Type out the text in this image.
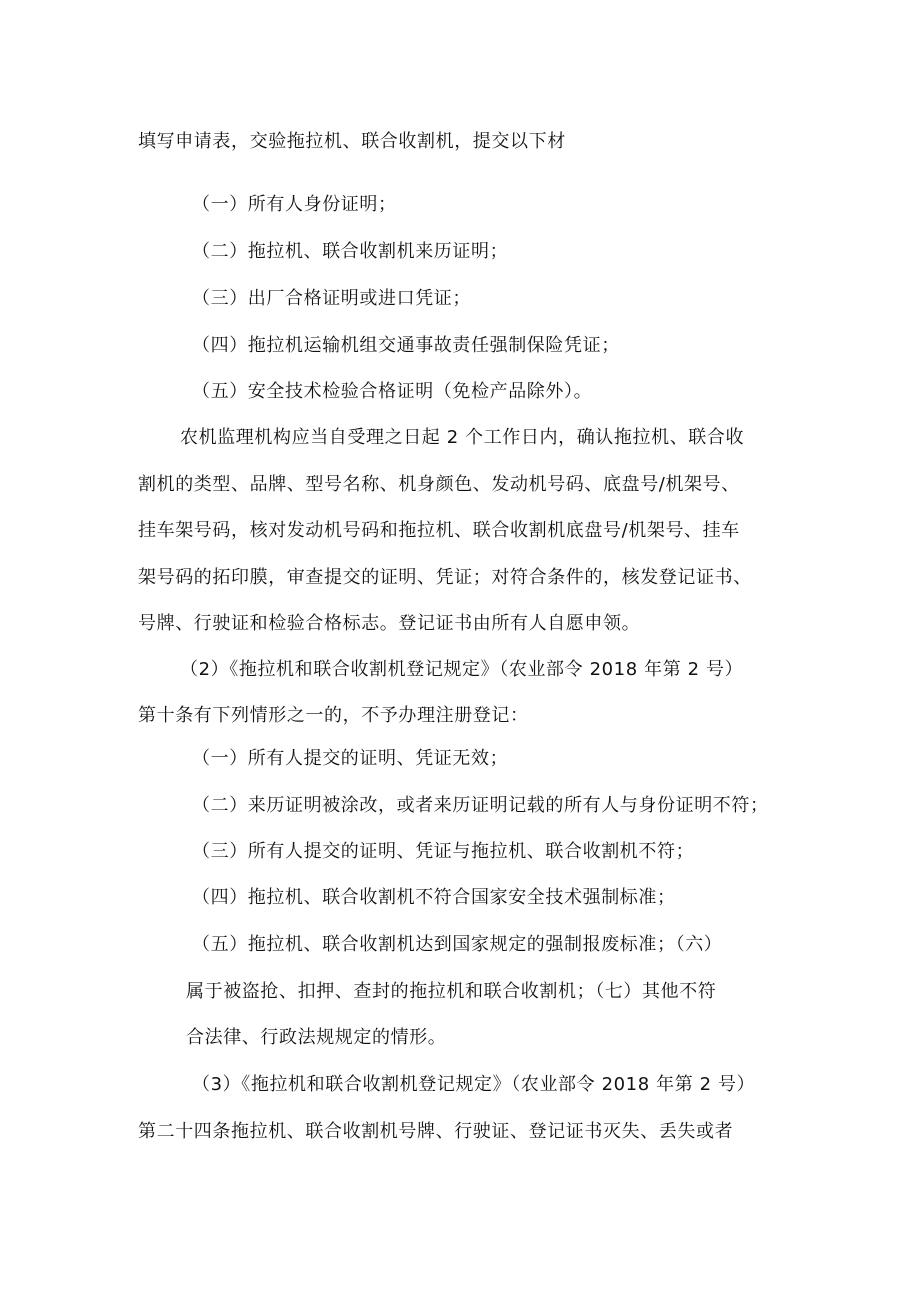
填写申请表，交验拖拉机、联合收割机，提交以下材

（一）所有人身份证明；

（二）拖拉机、联合收割机来历证明；

（三）出厂合格证明或进口凭证；

（四）拖拉机运输机组交通事故责任强制保险凭证；

（五）安全技术检验合格证明（免检产品除外）。

农机监理机构应当自受理之日起 2 个工作日内，确认拖拉机、联合收

割机的类型、品牌、型号名称、机身颜色、发动机号码、底盘号/机架号、

挂车架号码，核对发动机号码和拖拉机、联合收割机底盘号/机架号、挂车

架号码的拓印膜，审查提交的证明、凭证；对符合条件的，核发登记证书、

号牌、行驶证和检验合格标志。登记证书由所有人自愿申领。

（2）《拖拉机和联合收割机登记规定》（农业部令 2018 年第 2 号）

第十条有下列情形之一的，不予办理注册登记：

（一）所有人提交的证明、凭证无效；

（二）来历证明被涂改，或者来历证明记载的所有人与身份证明不符；

（三）所有人提交的证明、凭证与拖拉机、联合收割机不符；

（四）拖拉机、联合收割机不符合国家安全技术强制标准；

（五）拖拉机、联合收割机达到国家规定的强制报废标准；（六）

属于被盗抢、扣押、查封的拖拉机和联合收割机；（七）其他不符

合法律、行政法规规定的情形。

（3）《拖拉机和联合收割机登记规定》（农业部令 2018 年第 2 号）

第二十四条拖拉机、联合收割机号牌、行驶证、登记证书灭失、丢失或者
